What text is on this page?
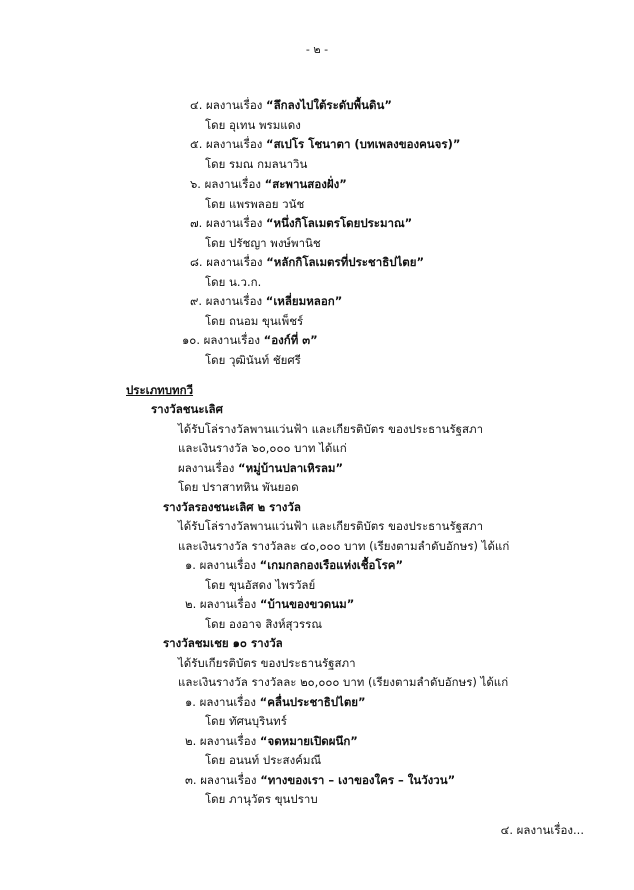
- ๒ -
๔. ผลงานเรื่อง “ลึกลงไปใต้ระดับพื้นดิน”
โดย อุเทน พรมแดง
๕. ผลงานเรื่อง “สเปโร โชนาตา (บทเพลงของคนจร)”
โดย รมณ กมลนาวิน
๖. ผลงานเรื่อง “สะพานสองฝั่ง”
โดย แพรพลอย วนัช
๗. ผลงานเรื่อง “หนึ่งกิโลเมตรโดยประมาณ”
โดย ปรัชญา พงษ์พานิช
๘. ผลงานเรื่อง “หลักกิโลเมตรที่ประชาธิปไตย”
โดย น.ว.ก.
๙. ผลงานเรื่อง “เหลี่ยมหลอก”
โดย ถนอม ขุนเพ็ชร์
๑๐. ผลงานเรื่อง “องก์ที่ ๓”
โดย วุฒินันท์ ชัยศรี
ประเภทบทกวี
รางวัลชนะเลิศ
ได้รับโล่รางวัลพานแว่นฟ้า และเกียรติบัตร ของประธานรัฐสภา
และเงินรางวัล ๖๐,๐๐๐ บาท ได้แก่
ผลงานเรื่อง “หมู่บ้านปลาเหิรลม”
โดย ปราสาทหิน พันยอด
รางวัลรองชนะเลิศ ๒ รางวัล
ได้รับโล่รางวัลพานแว่นฟ้า และเกียรติบัตร ของประธานรัฐสภา
และเงินรางวัล รางวัลละ ๔๐,๐๐๐ บาท (เรียงตามลำดับอักษร) ได้แก่
๑. ผลงานเรื่อง “เกมกลกองเรือแห่งเชื้อโรค”
โดย ขุนอัสดง ไพรวัลย์
๒. ผลงานเรื่อง “บ้านของขวดนม”
โดย องอาจ สิงห์สุวรรณ
รางวัลชมเชย ๑๐ รางวัล
ได้รับเกียรติบัตร ของประธานรัฐสภา
และเงินรางวัล รางวัลละ ๒๐,๐๐๐ บาท (เรียงตามลำดับอักษร) ได้แก่
๑. ผลงานเรื่อง “คลื่นประชาธิปไตย”
โดย ทัศนบุรินทร์
๒. ผลงานเรื่อง “จดหมายเปิดผนึก”
โดย อนนท์ ประสงค์มณี
๓. ผลงานเรื่อง “ทางของเรา – เงาของใคร – ในวังวน”
โดย ภานุวัตร ขุนปราบ
๔. ผลงานเรื่อง...
